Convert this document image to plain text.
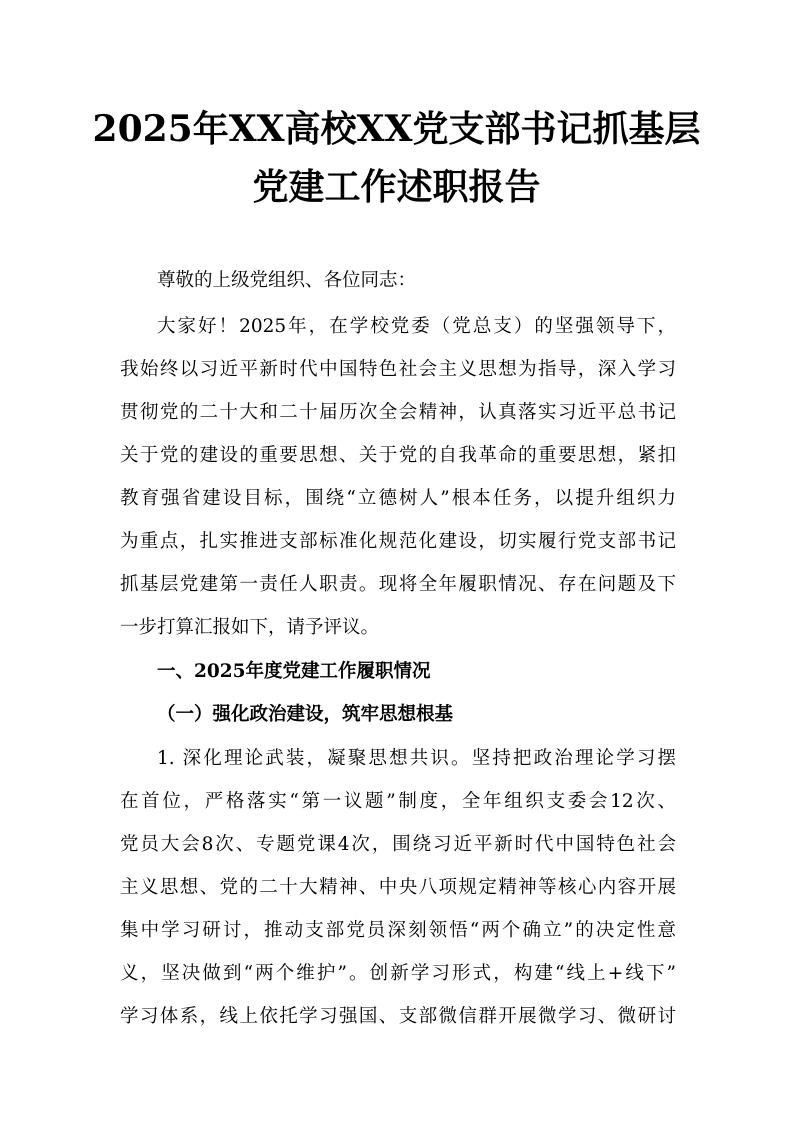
2025年XX高校XX党支部书记抓基层
党建工作述职报告

尊敬的上级党组织、各位同志：

大家好！2025年，在学校党委（党总支）的坚强领导下，

我始终以习近平新时代中国特色社会主义思想为指导，深入学习

贯彻党的二十大和二十届历次全会精神，认真落实习近平总书记

关于党的建设的重要思想、关于党的自我革命的重要思想，紧扣

教育强省建设目标，围绕“立德树人”根本任务，以提升组织力

为重点，扎实推进支部标准化规范化建设，切实履行党支部书记

抓基层党建第一责任人职责。现将全年履职情况、存在问题及下

一步打算汇报如下，请予评议。

一、2025年度党建工作履职情况

（一）强化政治建设，筑牢思想根基

1. 深化理论武装，凝聚思想共识。坚持把政治理论学习摆

在首位，严格落实“第一议题”制度，全年组织支委会12次、

党员大会8次、专题党课4次，围绕习近平新时代中国特色社会

主义思想、党的二十大精神、中央八项规定精神等核心内容开展

集中学习研讨，推动支部党员深刻领悟“两个确立”的决定性意

义，坚决做到“两个维护”。创新学习形式，构建“线上+线下”

学习体系，线上依托学习强国、支部微信群开展微学习、微研讨
